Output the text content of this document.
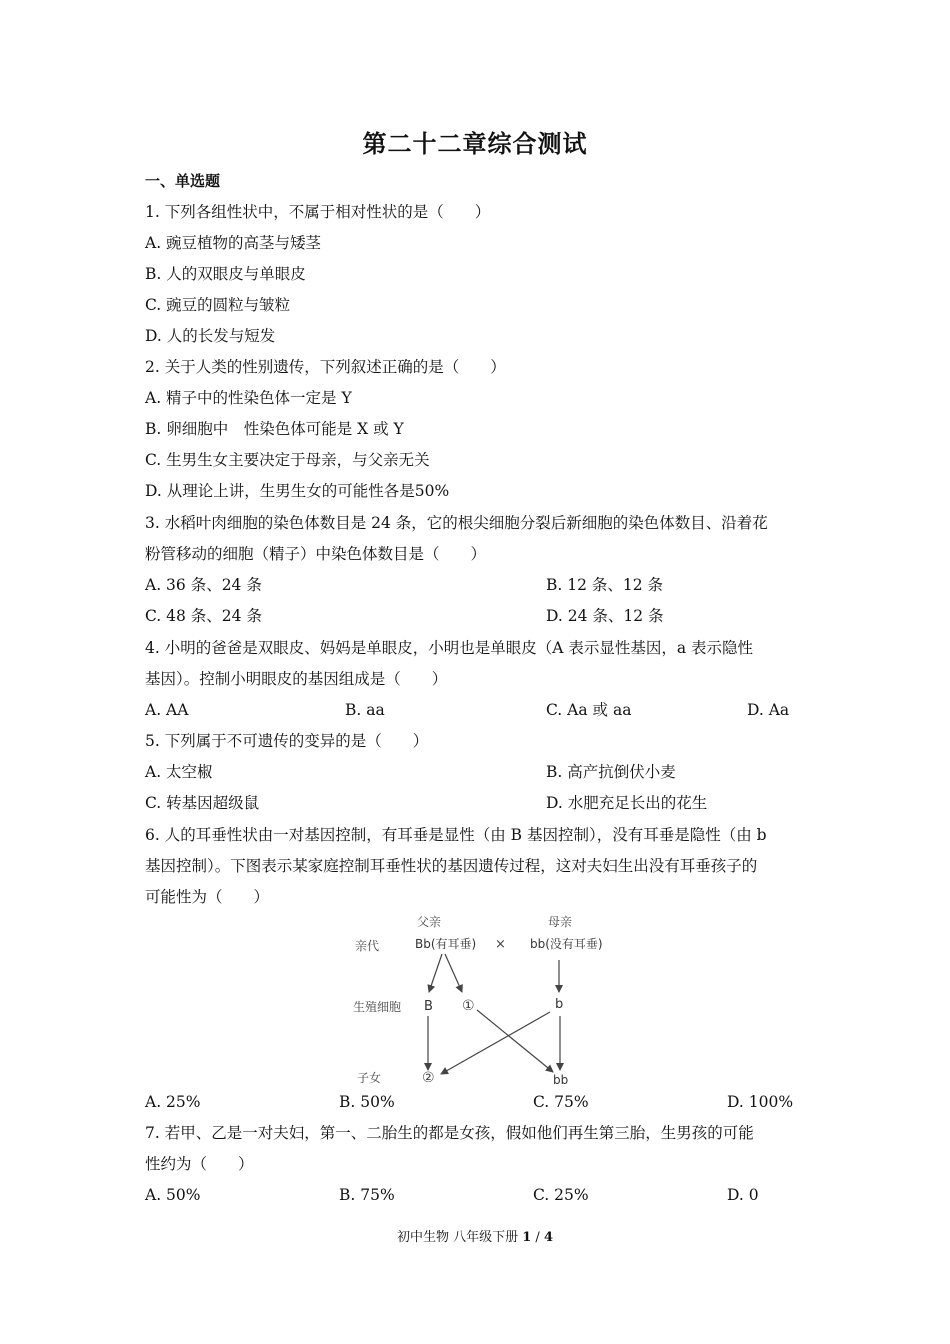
第二十二章综合测试
一、单选题
1. 下列各组性状中，不属于相对性状的是（　　）
A. 豌豆植物的高茎与矮茎
B. 人的双眼皮与单眼皮
C. 豌豆的圆粒与皱粒
D. 人的长发与短发
2. 关于人类的性别遗传，下列叙述正确的是（　　）
A. 精子中的性染色体一定是 Y
B. 卵细胞中　性染色体可能是 X 或 Y
C. 生男生女主要决定于母亲，与父亲无关
D. 从理论上讲，生男生女的可能性各是50%
3. 水稻叶肉细胞的染色体数目是 24 条，它的根尖细胞分裂后新细胞的染色体数目、沿着花
粉管移动的细胞（精子）中染色体数目是（　　）
A. 36 条、24 条	B. 12 条、12 条
C. 48 条、24 条	D. 24 条、12 条
4. 小明的爸爸是双眼皮、妈妈是单眼皮，小明也是单眼皮（A 表示显性基因，a 表示隐性
基因）。控制小明眼皮的基因组成是（　　）
A. AA	B. aa	C. Aa 或 aa	D. Aa
5. 下列属于不可遗传的变异的是（　　）
A. 太空椒	B. 高产抗倒伏小麦
C. 转基因超级鼠	D. 水肥充足长出的花生
6. 人的耳垂性状由一对基因控制，有耳垂是显性（由 B 基因控制），没有耳垂是隐性（由 b
基因控制）。下图表示某家庭控制耳垂性状的基因遗传过程，这对夫妇生出没有耳垂孩子的
可能性为（　　）
父亲	母亲
亲代	Bb(有耳垂) × bb(没有耳垂)
生殖细胞 B ①	b
子女	②	bb
A. 25%	B. 50%	C. 75%	D. 100%
7. 若甲、乙是一对夫妇，第一、二胎生的都是女孩，假如他们再生第三胎，生男孩的可能
性约为（　　）
A. 50%	B. 75%	C. 25%	D. 0
初中生物 八年级下册 1 / 4
